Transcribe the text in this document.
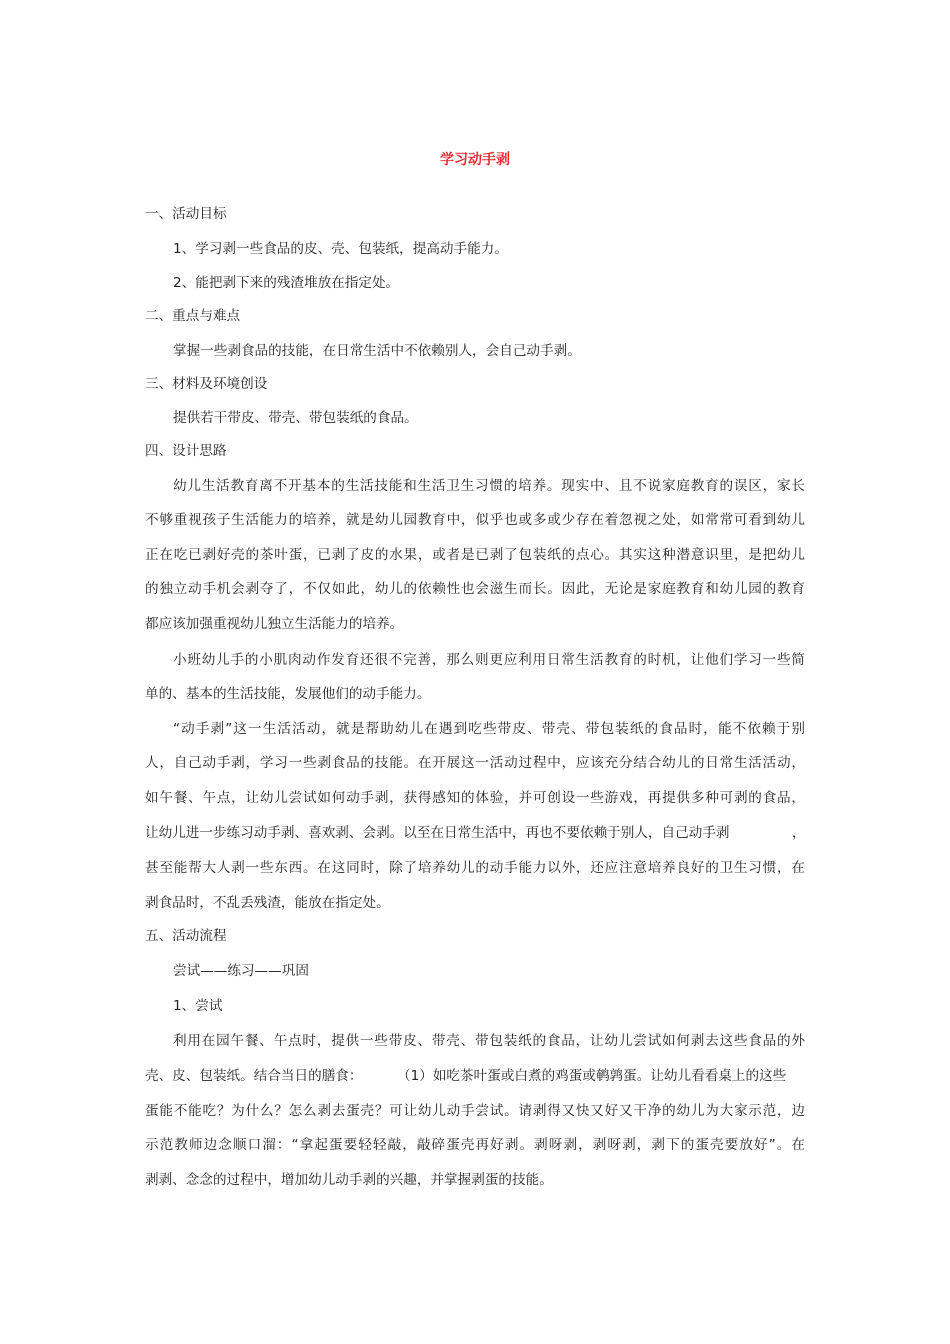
学习动手剥
一、活动目标
1、学习剥一些食品的皮、壳、包装纸，提高动手能力。
2、能把剥下来的残渣堆放在指定处。
二、重点与难点
掌握一些剥食品的技能，在日常生活中不依赖别人，会自己动手剥。
三、材料及环境创设
提供若干带皮、带壳、带包装纸的食品。
四、设计思路
幼儿生活教育离不开基本的生活技能和生活卫生习惯的培养。现实中、且不说家庭教育的误区，家长
不够重视孩子生活能力的培养，就是幼儿园教育中，似乎也或多或少存在着忽视之处，如常常可看到幼儿
正在吃已剥好壳的茶叶蛋，已剥了皮的水果，或者是已剥了包装纸的点心。其实这种潜意识里，是把幼儿
的独立动手机会剥夺了，不仅如此，幼儿的依赖性也会滋生而长。因此，无论是家庭教育和幼儿园的教育
都应该加强重视幼儿独立生活能力的培养。
小班幼儿手的小肌肉动作发育还很不完善，那么则更应利用日常生活教育的时机，让他们学习一些简
单的、基本的生活技能，发展他们的动手能力。
“动手剥”这一生活活动，就是帮助幼儿在遇到吃些带皮、带壳、带包装纸的食品时，能不依赖于别
人，自己动手剥，学习一些剥食品的技能。在开展这一活动过程中，应该充分结合幼儿的日常生活活动，
如午餐、午点，让幼儿尝试如何动手剥，获得感知的体验，并可创设一些游戏，再提供多种可剥的食品，
让幼儿进一步练习动手剥、喜欢剥、会剥。以至在日常生活中，再也不要依赖于别人，自己动手剥	，
甚至能帮大人剥一些东西。在这同时，除了培养幼儿的动手能力以外，还应注意培养良好的卫生习惯，在
剥食品时，不乱丢残渣，能放在指定处。
五、活动流程
尝试——练习——巩固
1、尝试
利用在园午餐、午点时，提供一些带皮、带壳、带包装纸的食品，让幼儿尝试如何剥去这些食品的外
壳、皮、包装纸。结合当日的膳食：	（1）如吃茶叶蛋或白煮的鸡蛋或鹌鹑蛋。让幼儿看看桌上的这些
蛋能不能吃？为什么？怎么剥去蛋壳？可让幼儿动手尝试。请剥得又快又好又干净的幼儿为大家示范，边
示范教师边念顺口溜：“拿起蛋要轻轻敲，敲碎蛋壳再好剥。剥呀剥，剥呀剥，剥下的蛋壳要放好”。在
剥剥、念念的过程中，增加幼儿动手剥的兴趣，并掌握剥蛋的技能。
